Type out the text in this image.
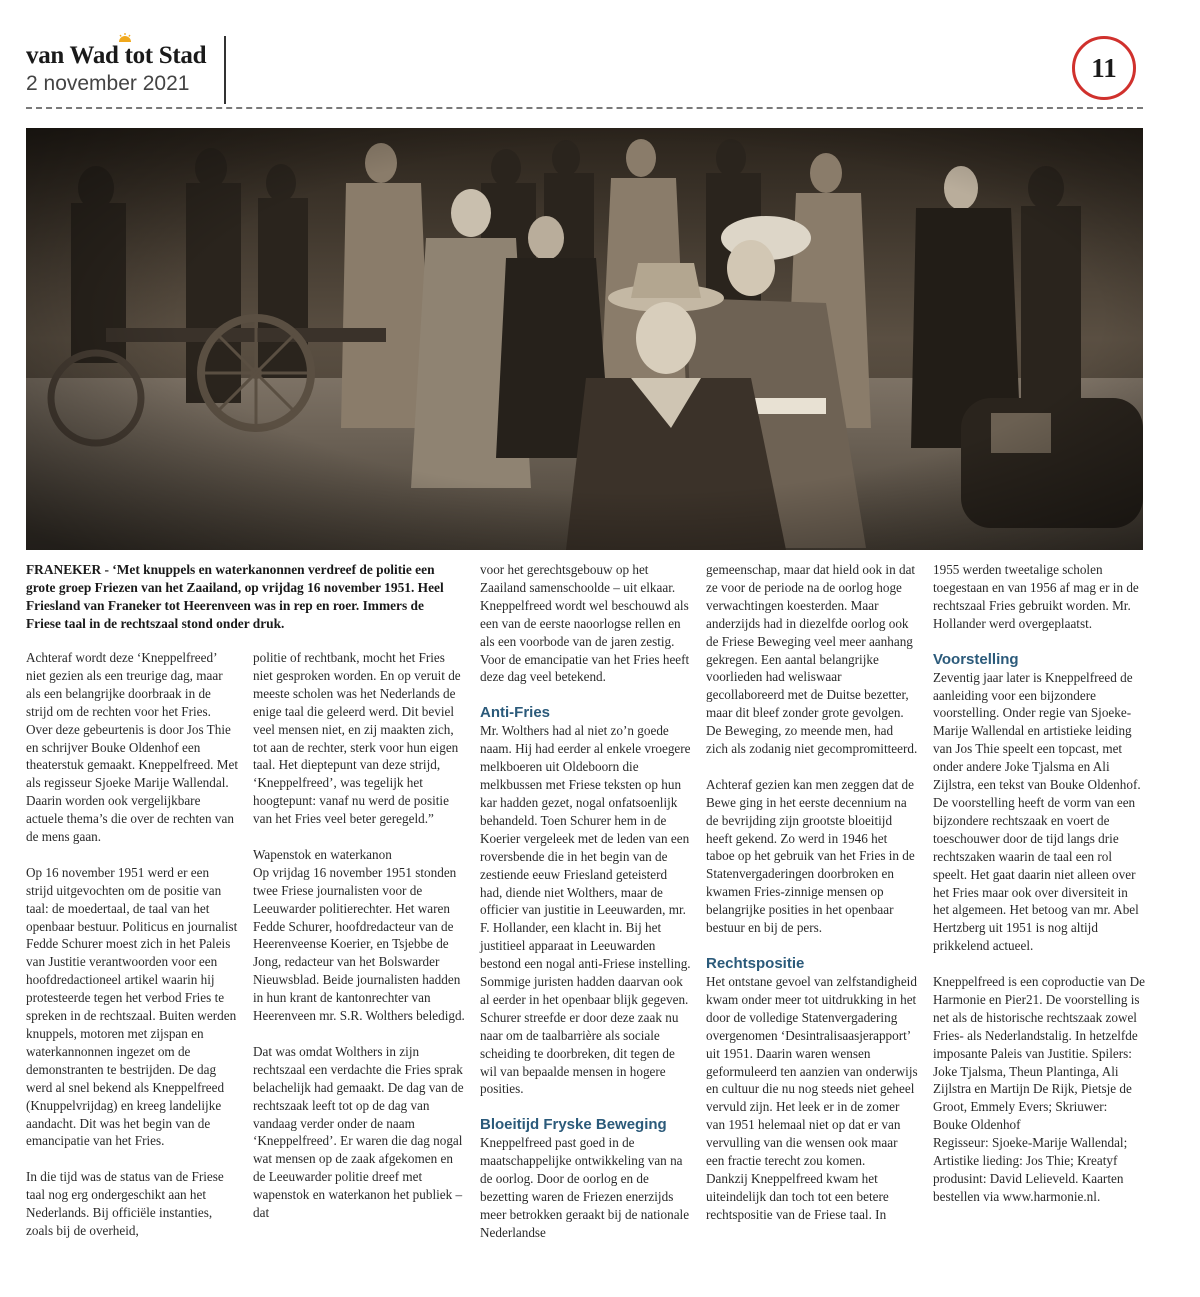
van Wad tot Stad
2 november 2021
11
FRANEKER - ‘Met knuppels en waterkanonnen verdreef de politie een grote groep Friezen van het Zaailand, op vrijdag 16 november 1951. Heel Friesland van Franeker tot Heerenveen was in rep en roer. Immers de Friese taal in de rechtszaal stond onder druk.

Achteraf wordt deze ‘Kneppelfreed’ niet gezien als een treurige dag, maar als een belangrijke doorbraak in de strijd om de rechten voor het Fries. Over deze gebeurtenis is door Jos Thie en schrijver Bouke Oldenhof een theaterstuk gemaakt. Kneppelfreed. Met als regisseur Sjoeke Marije Wallendal. Daarin worden ook vergelijkbare actuele thema’s die over de rechten van de mens gaan.

Op 16 november 1951 werd er een strijd uitgevochten om de positie van taal: de moedertaal, de taal van het openbaar bestuur. Politicus en journalist Fedde Schurer moest zich in het Paleis van Justitie verantwoorden voor een hoofdredactioneel artikel waarin hij protesteerde tegen het verbod Fries te spreken in de rechtszaal. Buiten werden knuppels, motoren met zijspan en waterkannonnen ingezet om de demonstranten te bestrijden. De dag werd al snel bekend als Kneppelfreed (Knuppelvrijdag) en kreeg landelijke aandacht. Dit was het begin van de emancipatie van het Fries.

In die tijd was de status van de Friese taal nog erg ondergeschikt aan het Nederlands. Bij officiële instanties, zoals bij de overheid,

politie of rechtbank, mocht het Fries niet gesproken worden. En op veruit de meeste scholen was het Nederlands de enige taal die geleerd werd. Dit beviel veel mensen niet, en zij maakten zich, tot aan de rechter, sterk voor hun eigen taal. Het dieptepunt van deze strijd, ‘Kneppelfreed’, was tegelijk het hoogtepunt: vanaf nu werd de positie van het Fries veel beter geregeld.”

Wapenstok en waterkanon

Op vrijdag 16 november 1951 stonden twee Friese journalisten voor de Leeuwarder politierechter. Het waren Fedde Schurer, hoofdredacteur van de Heerenveense Koerier, en Tsjebbe de Jong, redacteur van het Bolswarder Nieuwsblad. Beide journalisten hadden in hun krant de kantonrechter van Heerenveen mr. S.R. Wolthers beledigd.

Dat was omdat Wolthers in zijn rechtszaal een verdachte die Fries sprak belachelijk had gemaakt. De dag van de rechtszaak leeft tot op de dag van vandaag verder onder de naam ‘Kneppelfreed’. Er waren die dag nogal wat mensen op de zaak afgekomen en de Leeuwarder politie dreef met wapenstok en waterkanon het publiek – dat

voor het gerechtsgebouw op het Zaailand samenschoolde – uit elkaar. Kneppelfreed wordt wel beschouwd als een van de eerste naoorlogse rellen en als een voorbode van de jaren zestig. Voor de emancipatie van het Fries heeft deze dag veel betekend.

Anti-Fries

Mr. Wolthers had al niet zo’n goede naam. Hij had eerder al enkele vroegere melkboeren uit Oldeboorn die melkbussen met Friese teksten op hun kar hadden gezet, nogal onfatsoenlijk behandeld. Toen Schurer hem in de Koerier vergeleek met de leden van een roversbende die in het begin van de zestiende eeuw Friesland geteisterd had, diende niet Wolthers, maar de officier van justitie in Leeuwarden, mr. F. Hollander, een klacht in. Bij het justitieel apparaat in Leeuwarden bestond een nogal anti-Friese instelling. Sommige juristen hadden daarvan ook al eerder in het openbaar blijk gegeven. Schurer streefde er door deze zaak nu naar om de taalbarrière als sociale scheiding te doorbreken, dit tegen de wil van bepaalde mensen in hogere posities.

Bloeitijd Fryske Beweging

Kneppelfreed past goed in de maatschappelijke ontwikkeling van na de oorlog. Door de oorlog en de bezetting waren de Friezen enerzijds meer betrokken geraakt bij de nationale Nederlandse

gemeenschap, maar dat hield ook in dat ze voor de periode na de oorlog hoge verwachtingen koesterden. Maar anderzijds had in diezelfde oorlog ook de Friese Beweging veel meer aanhang gekregen. Een aantal belangrijke voorlieden had weliswaar gecollaboreerd met de Duitse bezetter, maar dit bleef zonder grote gevolgen. De Beweging, zo meende men, had zich als zodanig niet gecompromitteerd.

Achteraf gezien kan men zeggen dat de Bewe ging in het eerste decennium na de bevrijding zijn grootste bloeitijd heeft gekend. Zo werd in 1946 het taboe op het gebruik van het Fries in de Statenvergaderingen doorbroken en kwamen Fries-zinnige mensen op belangrijke posities in het openbaar bestuur en bij de pers.

Rechtspositie

Het ontstane gevoel van zelfstandigheid kwam onder meer tot uitdrukking in het door de volledige Statenvergadering overgenomen ‘Desintralisaasjerapport’ uit 1951. Daarin waren wensen geformuleerd ten aanzien van onderwijs en cultuur die nu nog steeds niet geheel vervuld zijn. Het leek er in de zomer van 1951 helemaal niet op dat er van vervulling van die wensen ook maar een fractie terecht zou komen.

Dankzij Kneppelfreed kwam het uiteindelijk dan toch tot een betere rechtspositie van de Friese taal. In

1955 werden tweetalige scholen toegestaan en van 1956 af mag er in de rechtszaal Fries gebruikt worden. Mr. Hollander werd overgeplaatst.

Voorstelling

Zeventig jaar later is Kneppelfreed de aanleiding voor een bijzondere voorstelling. Onder regie van Sjoeke-Marije Wallendal en artistieke leiding van Jos Thie speelt een topcast, met onder andere Joke Tjalsma en Ali Zijlstra, een tekst van Bouke Oldenhof. De voorstelling heeft de vorm van een bijzondere rechtszaak en voert de toeschouwer door de tijd langs drie rechtszaken waarin de taal een rol speelt. Het gaat daarin niet alleen over het Fries maar ook over diversiteit in het algemeen. Het betoog van mr. Abel Hertzberg uit 1951 is nog altijd prikkelend actueel.

Kneppelfreed is een coproductie van De Harmonie en Pier21. De voorstelling is net als de historische rechtszaak zowel Fries- als Nederlandstalig. In hetzelfde imposante Paleis van Justitie. Spilers: Joke Tjalsma, Theun Plantinga, Ali Zijlstra en Martijn De Rijk, Pietsje de Groot, Emmely Evers; Skriuwer: Bouke Oldenhof

Regisseur: Sjoeke-Marije Wallendal; Artistike lieding: Jos Thie; Kreatyf produsint: David Lelieveld. Kaarten bestellen via www.harmonie.nl.
